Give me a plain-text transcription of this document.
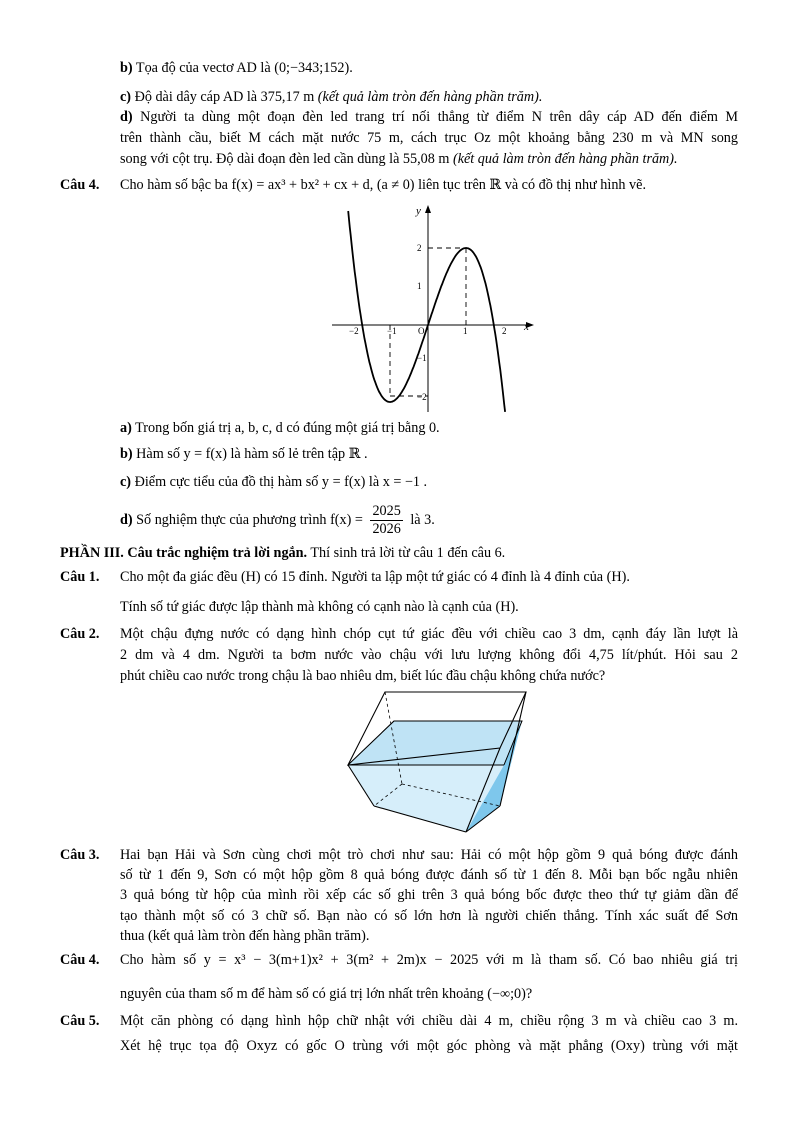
b) Tọa độ của vectơ AD là (0;−343;152).
c) Độ dài dây cáp AD là 375,17 m (kết quả làm tròn đến hàng phần trăm).
d) Người ta dùng một đoạn đèn led trang trí nối thẳng từ điểm N trên dây cáp AD đến điểm M
trên thành cầu, biết M cách mặt nước 75 m, cách trục Oz một khoảng bằng 230 m và MN song
song với cột trụ. Độ dài đoạn đèn led cần dùng là 55,08 m (kết quả làm tròn đến hàng phần trăm).
Câu 4. Cho hàm số bậc ba f(x) = ax³ + bx² + cx + d, (a ≠ 0) liên tục trên ℝ và có đồ thị như hình vẽ.
x
y
O
−2	−1	1	2
2
1
−1
−2
a) Trong bốn giá trị a, b, c, d có đúng một giá trị bằng 0.
b) Hàm số y = f(x) là hàm số lẻ trên tập ℝ .
c) Điểm cực tiểu của đồ thị hàm số y = f(x) là x = −1 .
d) Số nghiệm thực của phương trình $f(x) = \frac{2025}{2026}$ là 3.
PHẦN III. Câu trắc nghiệm trả lời ngắn. Thí sinh trả lời từ câu 1 đến câu 6.
Câu 1. Cho một đa giác đều (H) có 15 đỉnh. Người ta lập một tứ giác có 4 đỉnh là 4 đỉnh của (H).
Tính số tứ giác được lập thành mà không có cạnh nào là cạnh của (H).
Câu 2. Một chậu đựng nước có dạng hình chóp cụt tứ giác đều với chiều cao 3 dm, cạnh đáy lần lượt là
2 dm và 4 dm. Người ta bơm nước vào chậu với lưu lượng không đổi 4,75 lít/phút. Hỏi sau 2
phút chiều cao nước trong chậu là bao nhiêu dm, biết lúc đầu chậu không chứa nước?
Câu 3. Hai bạn Hải và Sơn cùng chơi một trò chơi như sau: Hải có một hộp gồm 9 quả bóng được đánh
số từ 1 đến 9, Sơn có một hộp gồm 8 quả bóng được đánh số từ 1 đến 8. Mỗi bạn bốc ngẫu nhiên
3 quả bóng từ hộp của mình rồi xếp các số ghi trên 3 quả bóng bốc được theo thứ tự giảm dần để
tạo thành một số có 3 chữ số. Bạn nào có số lớn hơn là người chiến thắng. Tính xác suất để Sơn
thua (kết quả làm tròn đến hàng phần trăm).
Câu 4. Cho hàm số y = x³ − 3(m+1)x² + 3(m² + 2m)x − 2025 với m là tham số. Có bao nhiêu giá trị
nguyên của tham số m để hàm số có giá trị lớn nhất trên khoảng (−∞;0)?
Câu 5. Một căn phòng có dạng hình hộp chữ nhật với chiều dài 4 m, chiều rộng 3 m và chiều cao 3 m.
Xét hệ trục tọa độ Oxyz có gốc O trùng với một góc phòng và mặt phẳng (Oxy) trùng với mặt
